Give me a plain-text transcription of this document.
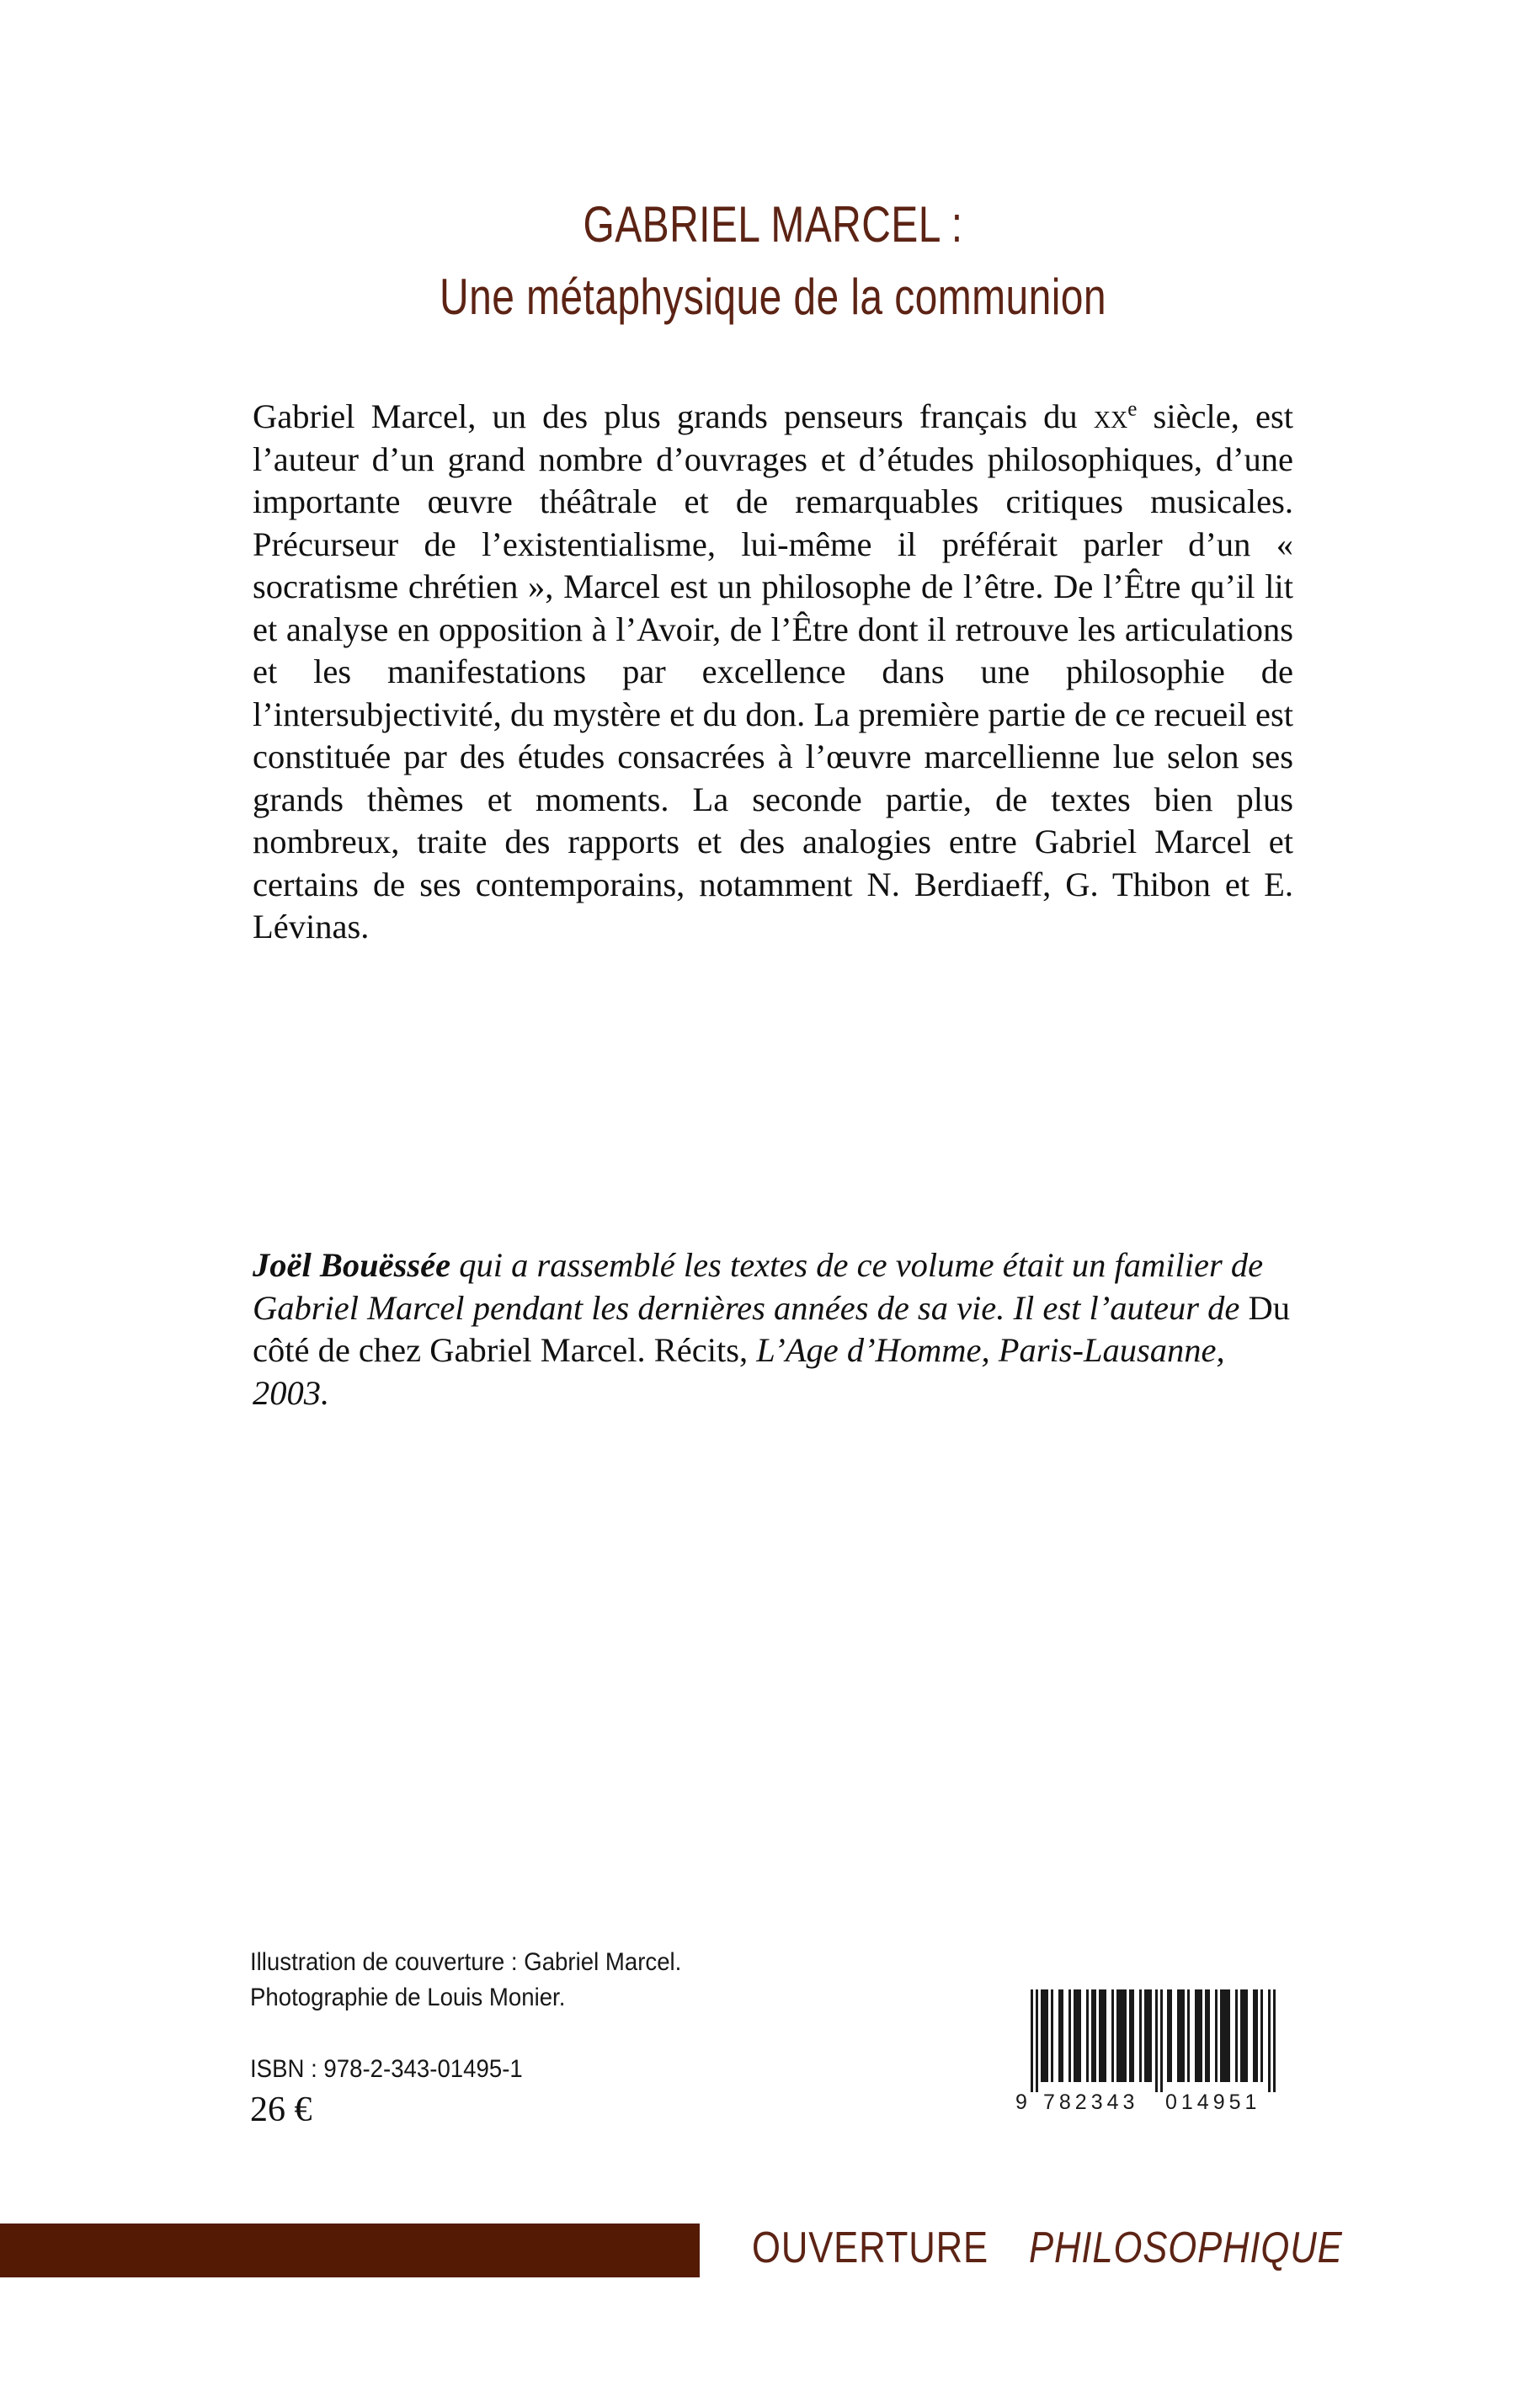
GABRIEL MARCEL :
Une métaphysique de la communion
Gabriel Marcel, un des plus grands penseurs français du $xx^e$ siècle, est l’auteur d’un grand nombre d’ouvrages et d’études philosophiques, d’une importante œuvre théâtrale et de remarquables critiques musicales. Précurseur de l’existentialisme, lui-même il préférait parler d’un « socratisme chrétien », Marcel est un philosophe de l’être. De l’Être qu’il lit et analyse en opposition à l’Avoir, de l’Être dont il retrouve les articulations et les manifestations par excellence dans une philosophie de l’intersubjectivité, du mystère et du don. La première partie de ce recueil est constituée par des études consacrées à l’œuvre marcellienne lue selon ses grands thèmes et moments. La seconde partie, de textes bien plus nombreux, traite des rapports et des analogies entre Gabriel Marcel et certains de ses contemporains, notamment N. Berdiaeff, G. Thibon et E. Lévinas.
Joël Bouëssée qui a rassemblé les textes de ce volume était un familier de Gabriel Marcel pendant les dernières années de sa vie. Il est l’auteur de Du côté de chez Gabriel Marcel. Récits, L’Age d’Homme, Paris-Lausanne, 2003.
Illustration de couverture : Gabriel Marcel.
Photographie de Louis Monier.
ISBN : 978-2-343-01495-1
26 €	9 782343 014951
OUVERTURE PHILOSOPHIQUE
